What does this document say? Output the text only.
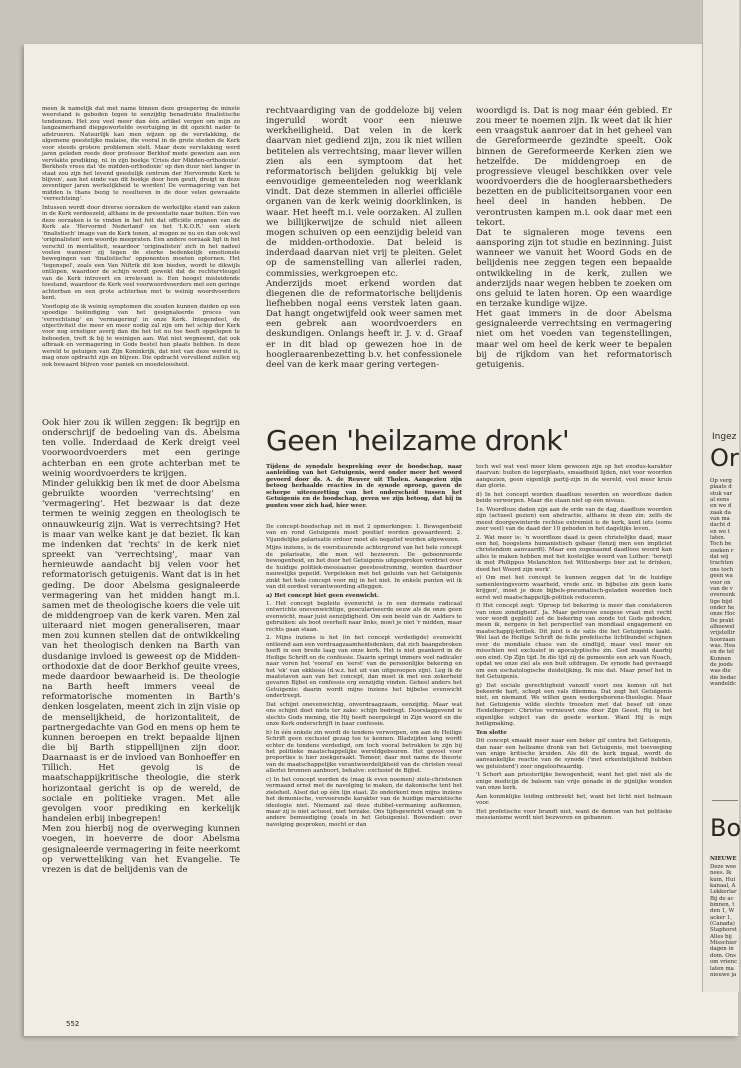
meen ik namelijk dat met name binnen deze groepering de minste weerstand is geboden tegen te eenzijdig benadrukte finalistische tendenzen. Het zou veel meer dan één artikel vergen om mijn zo langzamerhand diepgewortelde overtuiging in dit opzicht nader te adstrueren. Natuurlijk kan men wijzen op de vervlakking, de algemene geestelijke malaise, die vooral in de grote steden de Kerk voor steeds grotere problemen stelt. Maar deze vervlakking werd jaren geleden reeds door professor Berkhof mede geweten aan een vervlakte prediking, nl. in zijn boekje 'Crisis der Midden-orthodoxie'. Berkhofs vrees dat 'de midden-orthodoxie' op den duur niet langer in staat zou zijn het levend geestelijk centrum der Hervormde Kerk te blijven', aan het einde van dit boekje door hem geuit, dreigt in deze zeventiger jaren werkelijkheid te worden! De vermagering van het midden is thans bezig te resulteren in de door velen gewraakte 'verrechtsing'.

Intussen wordt door diverse oorzaken de werkelijke stand van zaken in de Kerk verdoezeld, althans in de presentatie naar buiten. Eén van deze oorzaken is te vinden in het feit dat officiële organen van de Kerk als 'Hervormd Nederland' en het 'I.K.O.R.' een sterk 'finalistisch' image van de Kerk tonen, al mogen ze nu en dan ook wel 'originalisten' een woordje meepraten. Een andere oorzaak ligt in het verschil in mentaliteit, waardoor 'originalisten' zich in het nadeel voelen wanneer zij tegen de sterke bedenkelijk emotionele bewegingen van 'finalistische' opponenten moeten optornen. Het 'tegenspel', zoals een Van Niftrik dit kon bieden, wordt te dikwijls ontlopen, waardoor de schijn wordt gewekt dat de rechtervleugel van de Kerk introvert en irrelevant is. Een hoogst misleidende toestand, waardoor de Kerk veel voorwoordvoerders met een geringe achterban en een grote achterban met te weinig woordvoerders kent.

Voorlopig zie ik weinig symptomen die zouden kunnen duiden op een spoedige beëindiging van het gesignaleerde proces van 'verrechtsing' en 'vermagering' in onze Kerk. Integendeel, de objectiviteit die meer en meer nodig zal zijn om het schip der Kerk voor nog ernstiger averij dan die het tot nu toe heeft opgelopen te behoeden, treft ik bij te weinigen aan. Wat niet wegneemt, dat ook afbraak en vermagering in Gods bestel hun plaats hebben. In deze wereld te getuigen van Zijn Koninkrijk, dat niet van deze wereld is, mag onze opdracht zijn en blijven. Die opdracht vervullend zullen wij ook bewaard blijven voor paniek en moedeloosheid.

Ook hier zou ik willen zeggen: Ik begrijp en onderschrijf de bedoeling van ds. Abelsma ten volle. Inderdaad de Kerk dreigt veel voorwoordvoerders met een geringe achterban en een grote achterban met te weinig woordvoerders te krijgen.

Minder gelukkig ben ik met de door Abelsma gebruikte woorden 'verrechtsing' en 'vermagering'. Het bezwaar is dat deze termen te weinig zeggen en theologisch te onnauwkeurig zijn. Wat is verrechtsing? Het is maar van welke kant je dat beziet. Ik kan me indenken dat 'rechts' in de kerk niet spreekt van 'verrechtsing', maar van hernieuwde aandacht bij velen voor het reformatorisch getuigenis. Want dat is in het geding. De door Abelsma gesignaleerde vermagering van het midden hangt m.i. samen met de theologische koers die vele uit de middengroep van de kerk varen. Men zal uiteraard niet mogen generaliseren, maar men zou kunnen stellen dat de ontwikkeling van het theologisch denken na Barth van dusdanige invloed is geweest op de Midden-orthodoxie dat de door Berkhof geuite vrees, mede daardoor bewaarheid is. De theologie na Barth heeft immers veeal de reformatorische momenten in Barth's denken losgelaten, meent zich in zijn visie op de menselijkheid, de horizontaliteit, de partnergedachte van God en mens op hem te kunnen beroepen en trekt bepaalde lijnen die bij Barth stippellijnen zijn door. Daarnaast is er de invloed van Bonhoeffer en Tillich. Het gevolg is de maatschappijkritische theologie, die sterk horizontaal gericht is op de wereld, de sociale en politieke vragen. Met alle gevolgen voor prediking en kerkelijk handelen erbij inbegrepen!

Men zou hierbij nog de overweging kunnen voegen, in hoeverre de door Abelsma gesignaleerde vermagering in feite neerkomt op verwetteliking van het Evangelie. Te vrezen is dat de belijdenis van de

552

rechtvaardiging van de goddeloze bij velen ingeruild wordt voor een nieuwe werkheiligheid. Dat velen in de kerk daarvan niet gediend zijn, zou ik niet willen betitelen als verrechtsing, maar liever willen zien als een symptoom dat het reformatorisch belijden gelukkig bij vele eenvoudige gemeenteleden nog weerklank vindt. Dat deze stemmen in allerlei officiële organen van de kerk weinig doorklinken, is waar. Het heeft m.i. vele oorzaken. Al zullen we billijkerwijze de schuld niet alleen mogen schuiven op een eenzijdig beleid van de midden-orthodoxie. Dat beleid is inderdaad daarvan niet vrij te pleiten. Gelet op de samenstelling van allerlei raden, commissies, werkgroepen etc.

Anderzijds moet erkend worden dat diegenen die de reformatorische belijdenis liefhebben nogal eens verstek laten gaan. Dat hangt ongetwijfeld ook weer samen met een gebrek aan woordvoerders en deskundigen. Onlangs heeft ir. J. v. d. Graaf er in dit blad op gewezen hoe in de hoogleraarenbezetting b.v. het confessionele deel van de kerk maar gering vertegen-

woordigd is. Dat is nog maar één gebied. Er zou meer te noemen zijn. Ik weet dat ik hier een vraagstuk aanroer dat in het geheel van de Gereformeerde gezindte speelt. Ook binnen de Gereformeerde Kerken zien we hetzelfde. De middengroep en de progressieve vleugel beschikken over vele woordvoerders die de hoogleraarsbetheders bezetten en de publiciteitsorganen voor een heel deel in handen hebben. De verontrusten kampen m.i. ook daar met een tekort.

Dat te signaleren moge tevens een aansporing zijn tot studie en bezinning. Juist wanneer we vanuit het Woord Gods en de belijdenis nee zeggen tegen een bepaalde ontwikkeling in de kerk, zullen we anderzijds naar wegen hebben te zoeken om ons geluid te laten horen. Op een waardige en terzake kundige wijze.

Het gaat immers in de door Abelsma gesignaleerde verrechtsing en vermagering niet om het voeden van tegenstellingen, maar wel om heel de kerk weer te bepalen bij de rijkdom van het reformatorisch getuigenis.

Geen 'heilzame dronk'
Tijdens de synodale bespreking over de boodschap, naar aanleiding van het Getuigenis, werd onder meer het woord gevoerd door ds. A. de Reuver uit Tholen. Aangezien zijn betoog herhaalde reacties in de synode oproep, gaven de scherpe uiteenzetting van het onderscheid tussen het Getuigenis en de boodschap, geven we zijn betoog, dat hij in punten voor zich had, hier weer.

De concept-boodschap zet in met 2 opmerkingen: 1. Bewogenheid van en rond Getuigenis moet positief worden gewaardeerd; 2. Vijandelijke polarisatie erdoor moet als negatief worden afgewezen.

Mijns inziens, is de voorstuurende achtergrond van het hele concept de polarisatie, die men wil bezweren. De geboonreerde bewogenheid, en het door het Getuigenis uitgesproken verdriet over de huidige politiek-messiaanse geestesstroming, worden daardoor nauwelijks gepeild. Vergeleken met het geluide van het Getuigenis zinkt het hele concept voor mij in het niet. In enkele punten wil ik van dit oordeel verantwoording afleggen.

a) Het concept biet geen evenwicht.

1. Het concept bepleite evenwicht is in een dermate radicaal ontwrichte onevenwichtige, geeculariseerde eeuw als de onze geen evenwicht, maar juist eenzijdigheid. Om een beeld van dr. Aalders te gebruiken: als boot overhelt naar links, moet je niet 'r midden, maar rechts gaan staan.

2. Mijns inziens is het (in het concept verdedigde) evenwicht ontleend aan een verdraagzaamheidsdenken, dat zich baangebroken heeft in een brede laag van onze kerk. Het is niet geankerd in de Heilige Schrift en de confessie. Daarin springt immers veel radicaler naar voren het 'vooral' en 'eerst' van de persoonlijke bekering en het 'ek' van ekklesia (d.w.z. het uit van uitgeroepen zijn). Leg ik de maatstaven aan van het concept, dan moet ik met een zekerheid gevaren Bijbel en confessie erg eenzijdig vinden. Geheel anders het Getuigenis: daarin wordt mijns inziens het bijbelse evenwicht ondertreept.

Dat schijnt onevenwichtig, onverdraagzaam, eenzijdig. Maar wat ons schijnt doet niets ter zake: schijn bedriegt. Doorslaggevend is slechts Gods mening, die Hij heeft neergelegd in Zijn woord en die onze Kerk onderschrijft in haar confessie.

b) In één enkele zin wordt de tendens verworpen, om aan de Heilige Schrift geen exclusief gezag toe te kennen. Bladzijden lang wordt echter de tendens verdedigd, om toch vooral betrokken te zijn bij het politieke maatschappelijke wereldgebeuren. Het gevoel voor proporties is hier zoekgeraakt. Temeer, daar met name de theorie van de maatschappelijke verantwoordelijkheid van de christen veeal allerlei bronnen aanboort, behalve: exclusief de Bijbel.

c) In het concept worden de (mag ik even noemen) ziele-christenen vermaand ernst met de navolging te maken, de dakonische tent het zieleheil. Alsof dat op één lijn staat. Zo onderkent men mijns inziens het demonische, vervoerende karakter van de huidige marxistische ideologie niet. Niemand zal deze dubbel-vermaning aufkennen, maar zij is niet actueel, niet terzake. Ons tijdsgewricht vraagt om 'n andere bemoediging (zoals in het Getuigenis). Bovendien: over navolging gesproken, mocht er dan

toch wel wat veel meer klem gewezen zijn op het exodus-karakter daarvan: buiten de legerplaats, smaadheid lijden, niet voor woorden aangezien, geen eigenlijk partij-zijn in de wereld, veel meer kruis dan glorie.

d) In het concept worden daadloze woorden en woordloze daden beide verworpen. Maar die staan niet op één niveau.

1e. Woordloze daden zijn aan de orde van de dag, daadloze woorden zijn (actueel gezien) een abstractie, althans in deze zin: zelfs de meest doorgewinterde rechtse extremist is de kerk, kent iets (soms zeer veel) van de daad der 10 geboden in het dagelijks leven.

2. Wat meer is: 'n woordloze daad is geen christelijke daad, maar een hol, hoogstens humanistisch gebaar (tenzij men een impliciet christendom aanvaardt). Maar een zogenaamd daadloos woord kan alles te maken hebben met het kostelijke woord van Luther: 'terwijl ik met Philippus Melanchton het Wittenbergs bier zat te drinken, deed het Woord zijn werk'.

e) Om met het concept te kunnen zeggen dat 'in de huidige samenlevingsvorm waarheid, vrede enz. in bijbelse zin geen kans krijgen', moet je deze bijbels-pneumatisch-geladen woorden toch eerst wel maatschappelijk-politiek reduceren.

f) Het concept zegt: 'Oproep tot bekering is meer dan constateren van onze zondigheid'. Ja. Maar getrouwe exegese vraat met recht voor wordt gepleit) zet de bekering van zonde tot Gods geboden, meen ik, nergens in het perspectief van mondiaal engagement en maatschappij-kritiek. Dit juist is de satis die het Getuigenis laakt. Wel laat de Heilige Schrift de felle profetische lichtbundel schijnen over de mondiale chaos van de eindtijd, maar veel meer en misschien wel exclusief in apocalyptische zin. God maakt daarbij een eind. Op Zijn tijd. In die tijd zij de gemeente een ark van Noach, opdat we onze ziel als een buit uitdragen. De synode had gevraagd om een eschatologische duidelijking. Ik mis dat. Maar proef het in het Getuigenis.

g) Dat sociale gerechtigheid vanzelf voort zou komen uit het bekeerde hart, schept een vals dilemma. Dat zegt het Getuigenis niet, en niemand. We willen geen wedergeborene-theologie. Maar het Getuigenis wilde slechts troosten met dat besef uit onze Heidelberger: Christus vernieuwt ons door Zijn Geest. Hij is het eigenlijke subject van de goede werken. Want Hij is mijn heiligmaking.

Ten slotte

Dit concept smaakt meer naar een beker gif contra het Getuigenis, dan naar een heilzame dronk van het Getuigenis, met toevoeging van enige kritische kruiden. Als dit de kerk ingaat, wordt de aanvankelijke reactie van de synode ('met erkentelijkheid hebben we geluisterd') zeer ongeloofwaardig.

't Schort aan priesterlijke bewogenheid, want het giet niet als de enige medicijn de balsem van vrije genade in de pijnlijke wonden van onze kerk.

Aan koninklijke leiding ontbreekt het, want het licht niet helmaan voor.

Het profetische voor brandt niet, want de demon van het politieke messianisme wordt niet bezworen en gebannen.

Ingez
Or
Op verg
plaats d
stuk var
al eens
en we d
zaak da
van ma
dacht d
en we t
laten.
Toch be
zoeken r
dat wij
trachten
ons toch
geen wa
voor on
van de v
overeenk
lige bijd
onder he
onze Hoc
De prakt
alhoewel
vrijstellir
hoorzaan
was. Hea
en de tel
Kunnen
de joods
was die
die bedac
wandeldc
Bo
NIEUWE
Deze wee
nees. Ik
kum, Hui
kanaal, A
Lekkerlar
Bij de ac
binnen, t
den 1, W
acker 1,
(Canada)
Staphorst
Alles bij
Misschier
dagen in
dom. Ons
om vrienc
laten ma
nieuwe ja
